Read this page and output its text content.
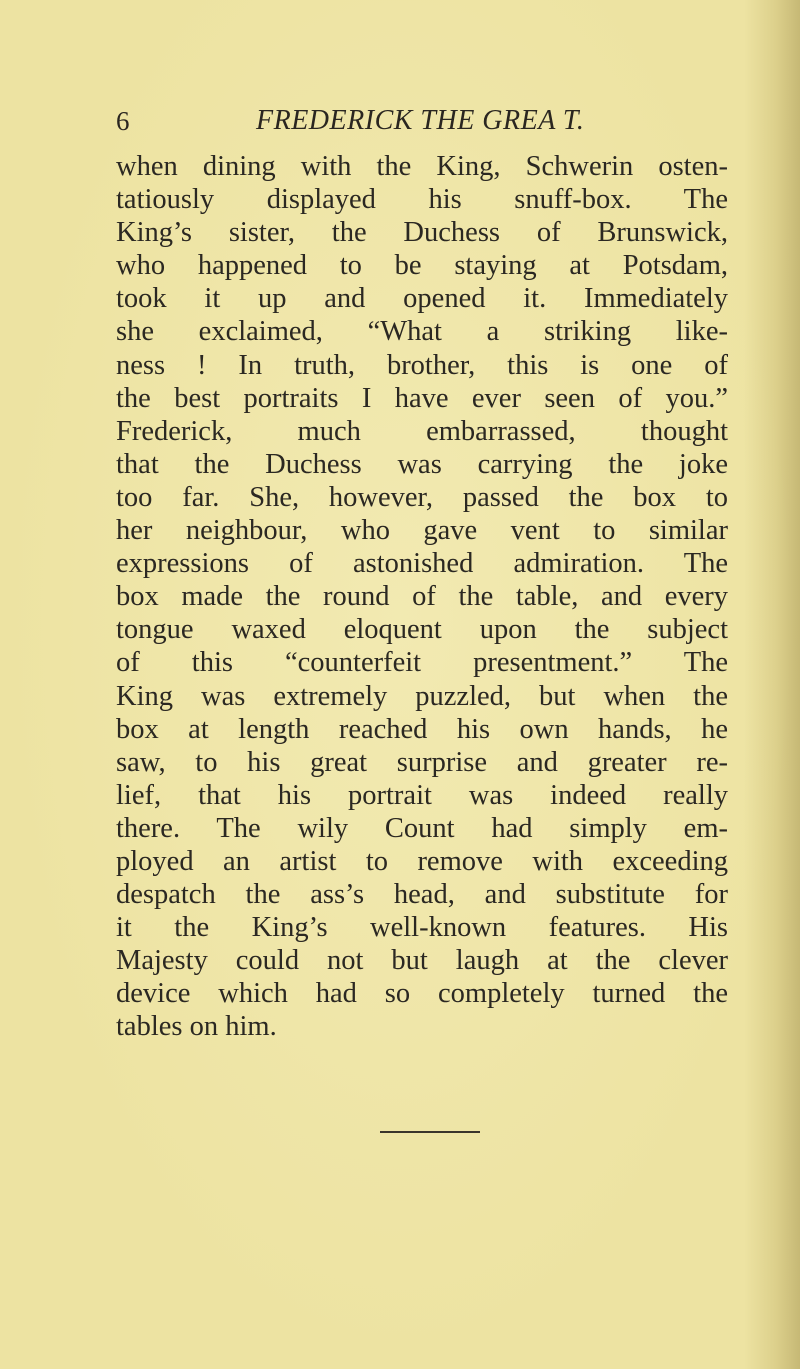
6	FREDERICK THE GREA T.
when dining with the King, Schwerin osten-
tatiously displayed his snuff-box. The
King’s sister, the Duchess of Brunswick,
who happened to be staying at Potsdam,
took it up and opened it. Immediately
she exclaimed, “What a striking like-
ness ! In truth, brother, this is one of
the best portraits I have ever seen of you.”
Frederick, much embarrassed, thought
that the Duchess was carrying the joke
too far. She, however, passed the box to
her neighbour, who gave vent to similar
expressions of astonished admiration. The
box made the round of the table, and every
tongue waxed eloquent upon the subject
of this “counterfeit presentment.” The
King was extremely puzzled, but when the
box at length reached his own hands, he
saw, to his great surprise and greater re-
lief, that his portrait was indeed really
there. The wily Count had simply em-
ployed an artist to remove with exceeding
despatch the ass’s head, and substitute for
it the King’s well-known features. His
Majesty could not but laugh at the clever
device which had so completely turned the
tables on him.
